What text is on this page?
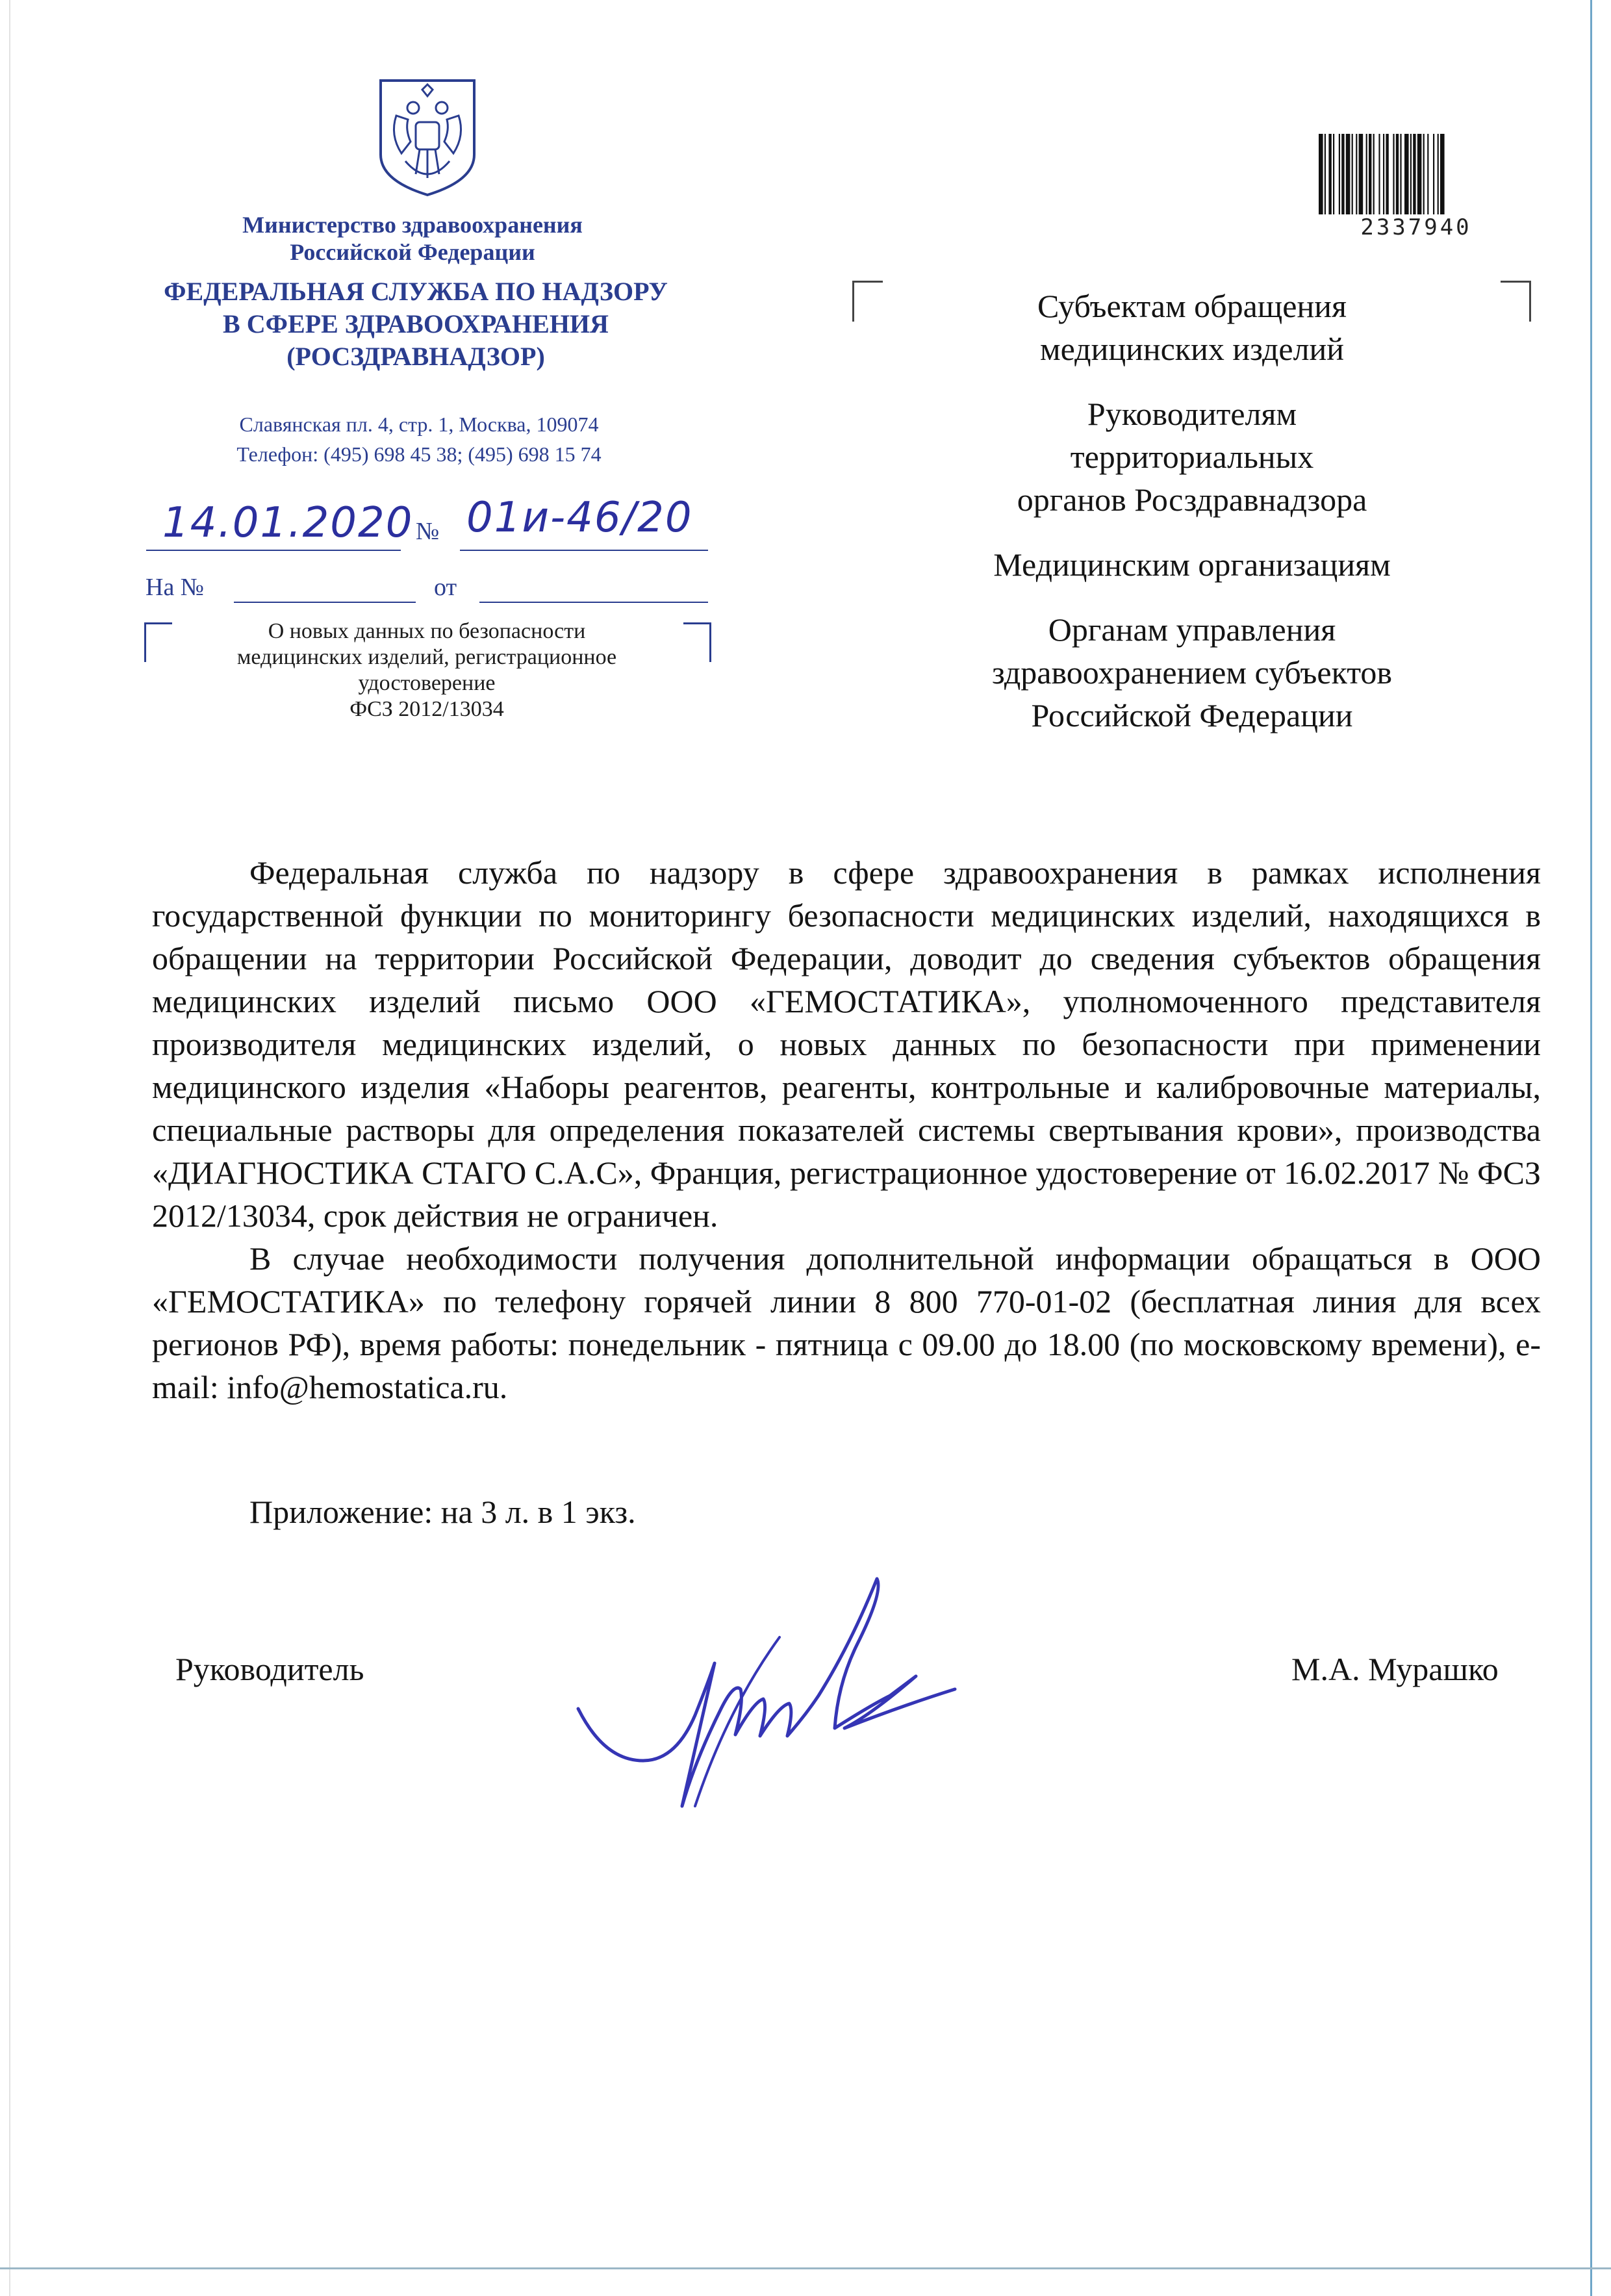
Министерство здравоохранения
Российской Федерации
ФЕДЕРАЛЬНАЯ СЛУЖБА ПО НАДЗОРУ
В СФЕРЕ ЗДРАВООХРАНЕНИЯ
(РОСЗДРАВНАДЗОР)
Славянская пл. 4, стр. 1, Москва, 109074
Телефон: (495) 698 45 38; (495) 698 15 74
14.01.2020 № 01и-46/20
На №	от
О новых данных по безопасности
медицинских изделий, регистрационное
удостоверение
ФСЗ 2012/13034
2337940
Субъектам обращения
медицинских изделий
Руководителям
территориальных
органов Росздравнадзора
Медицинским организациям
Органам управления
здравоохранением субъектов
Российской Федерации

Федеральная служба по надзору в сфере здравоохранения в рамках исполнения государственной функции по мониторингу безопасности медицинских изделий, находящихся в обращении на территории Российской Федерации, доводит до сведения субъектов обращения медицинских изделий письмо ООО «ГЕМОСТАТИКА», уполномоченного представителя производителя медицинских изделий, о новых данных по безопасности при применении медицинского изделия «Наборы реагентов, реагенты, контрольные и калибровочные материалы, специальные растворы для определения показателей системы свертывания крови», производства «ДИАГНОСТИКА СТАГО С.А.С», Франция, регистрационное удостоверение от 16.02.2017 № ФСЗ 2012/13034, срок действия не ограничен.

В случае необходимости получения дополнительной информации обращаться в ООО «ГЕМОСТАТИКА» по телефону горячей линии 8 800 770-01-02 (бесплатная линия для всех регионов РФ), время работы: понедельник - пятница с 09.00 до 18.00 (по московскому времени), e-mail: info@hemostatica.ru.

Приложение: на 3 л. в 1 экз.
Руководитель	М.А. Мурашко
